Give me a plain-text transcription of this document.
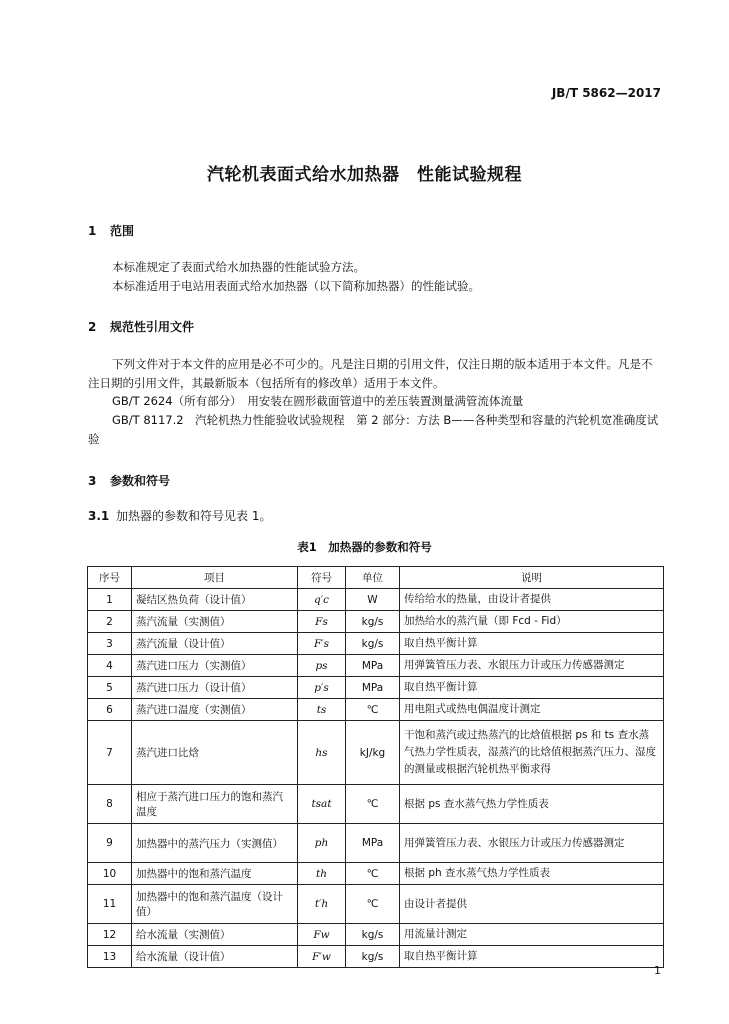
JB/T 5862—2017
汽轮机表面式给水加热器　性能试验规程
1 范围
本标准规定了表面式给水加热器的性能试验方法。
本标准适用于电站用表面式给水加热器（以下简称加热器）的性能试验。
2 规范性引用文件
下列文件对于本文件的应用是必不可少的。凡是注日期的引用文件，仅注日期的版本适用于本文件。凡是不注日期的引用文件，其最新版本（包括所有的修改单）适用于本文件。
GB/T 2624（所有部分）　用安装在圆形截面管道中的差压装置测量满管流体流量
GB/T 8117.2　汽轮机热力性能验收试验规程　第 2 部分：方法 B——各种类型和容量的汽轮机宽准确度试验
3 参数和符号
3.1 加热器的参数和符号见表 1。
表1　加热器的参数和符号
序号	项目	符号	单位	说明
1	凝结区热负荷（设计值）	q′c	W	传给给水的热量，由设计者提供
2	蒸汽流量（实测值）	Fs	kg/s	加热给水的蒸汽量（即 Fcd - Fid）
3	蒸汽流量（设计值）	F′s	kg/s	取自热平衡计算
4	蒸汽进口压力（实测值）	ps	MPa	用弹簧管压力表、水银压力计或压力传感器测定
5	蒸汽进口压力（设计值）	p′s	MPa	取自热平衡计算
6	蒸汽进口温度（实测值）	ts	℃	用电阻式或热电偶温度计测定
7	蒸汽进口比焓	hs	kJ/kg	干饱和蒸汽或过热蒸汽的比焓值根据 ps 和 ts 查水蒸气热力学性质表，湿蒸汽的比焓值根据蒸汽压力、湿度的测量或根据汽轮机热平衡求得
8	相应于蒸汽进口压力的饱和蒸汽温度	tsat	℃	根据 ps 查水蒸气热力学性质表
9	加热器中的蒸汽压力（实测值）	ph	MPa	用弹簧管压力表、水银压力计或压力传感器测定
10	加热器中的饱和蒸汽温度	th	℃	根据 ph 查水蒸气热力学性质表
11	加热器中的饱和蒸汽温度（设计值）	t′h	℃	由设计者提供
12	给水流量（实测值）	Fw	kg/s	用流量计测定
13	给水流量（设计值）	F′w	kg/s	取自热平衡计算
1
